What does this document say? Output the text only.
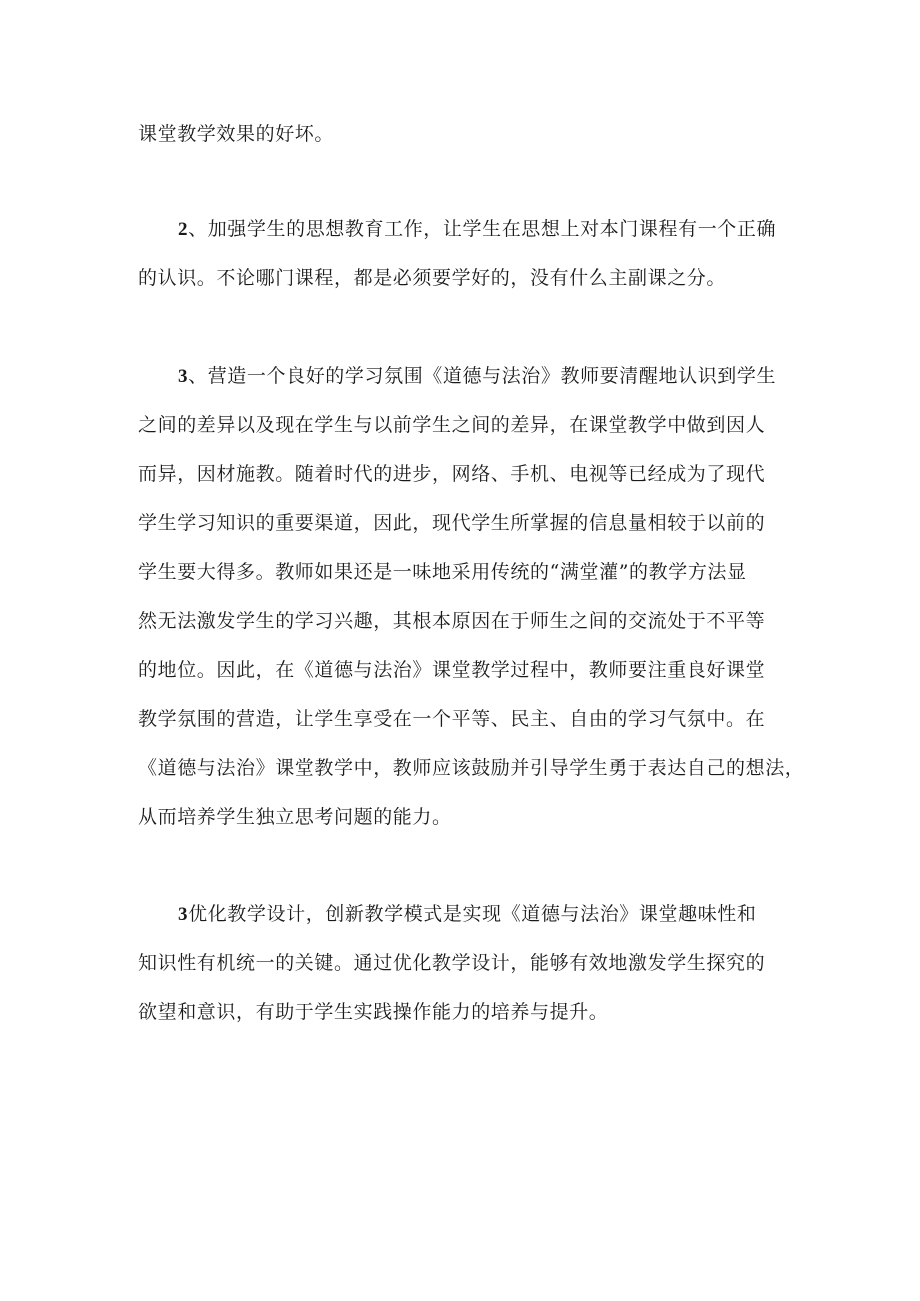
课堂教学效果的好坏。

2、加强学生的思想教育工作，让学生在思想上对本门课程有一个正确

的认识。不论哪门课程，都是必须要学好的，没有什么主副课之分。

3、营造一个良好的学习氛围《道德与法治》教师要清醒地认识到学生

之间的差异以及现在学生与以前学生之间的差异，在课堂教学中做到因人

而异，因材施教。随着时代的进步，网络、手机、电视等已经成为了现代

学生学习知识的重要渠道，因此，现代学生所掌握的信息量相较于以前的

学生要大得多。教师如果还是一味地采用传统的“满堂灌”的教学方法显

然无法激发学生的学习兴趣，其根本原因在于师生之间的交流处于不平等

的地位。因此，在《道德与法治》课堂教学过程中，教师要注重良好课堂

教学氛围的营造，让学生享受在一个平等、民主、自由的学习气氛中。在

《道德与法治》课堂教学中，教师应该鼓励并引导学生勇于表达自己的想法，

从而培养学生独立思考问题的能力。

3优化教学设计，创新教学模式是实现《道德与法治》课堂趣味性和

知识性有机统一的关键。通过优化教学设计，能够有效地激发学生探究的

欲望和意识，有助于学生实践操作能力的培养与提升。
